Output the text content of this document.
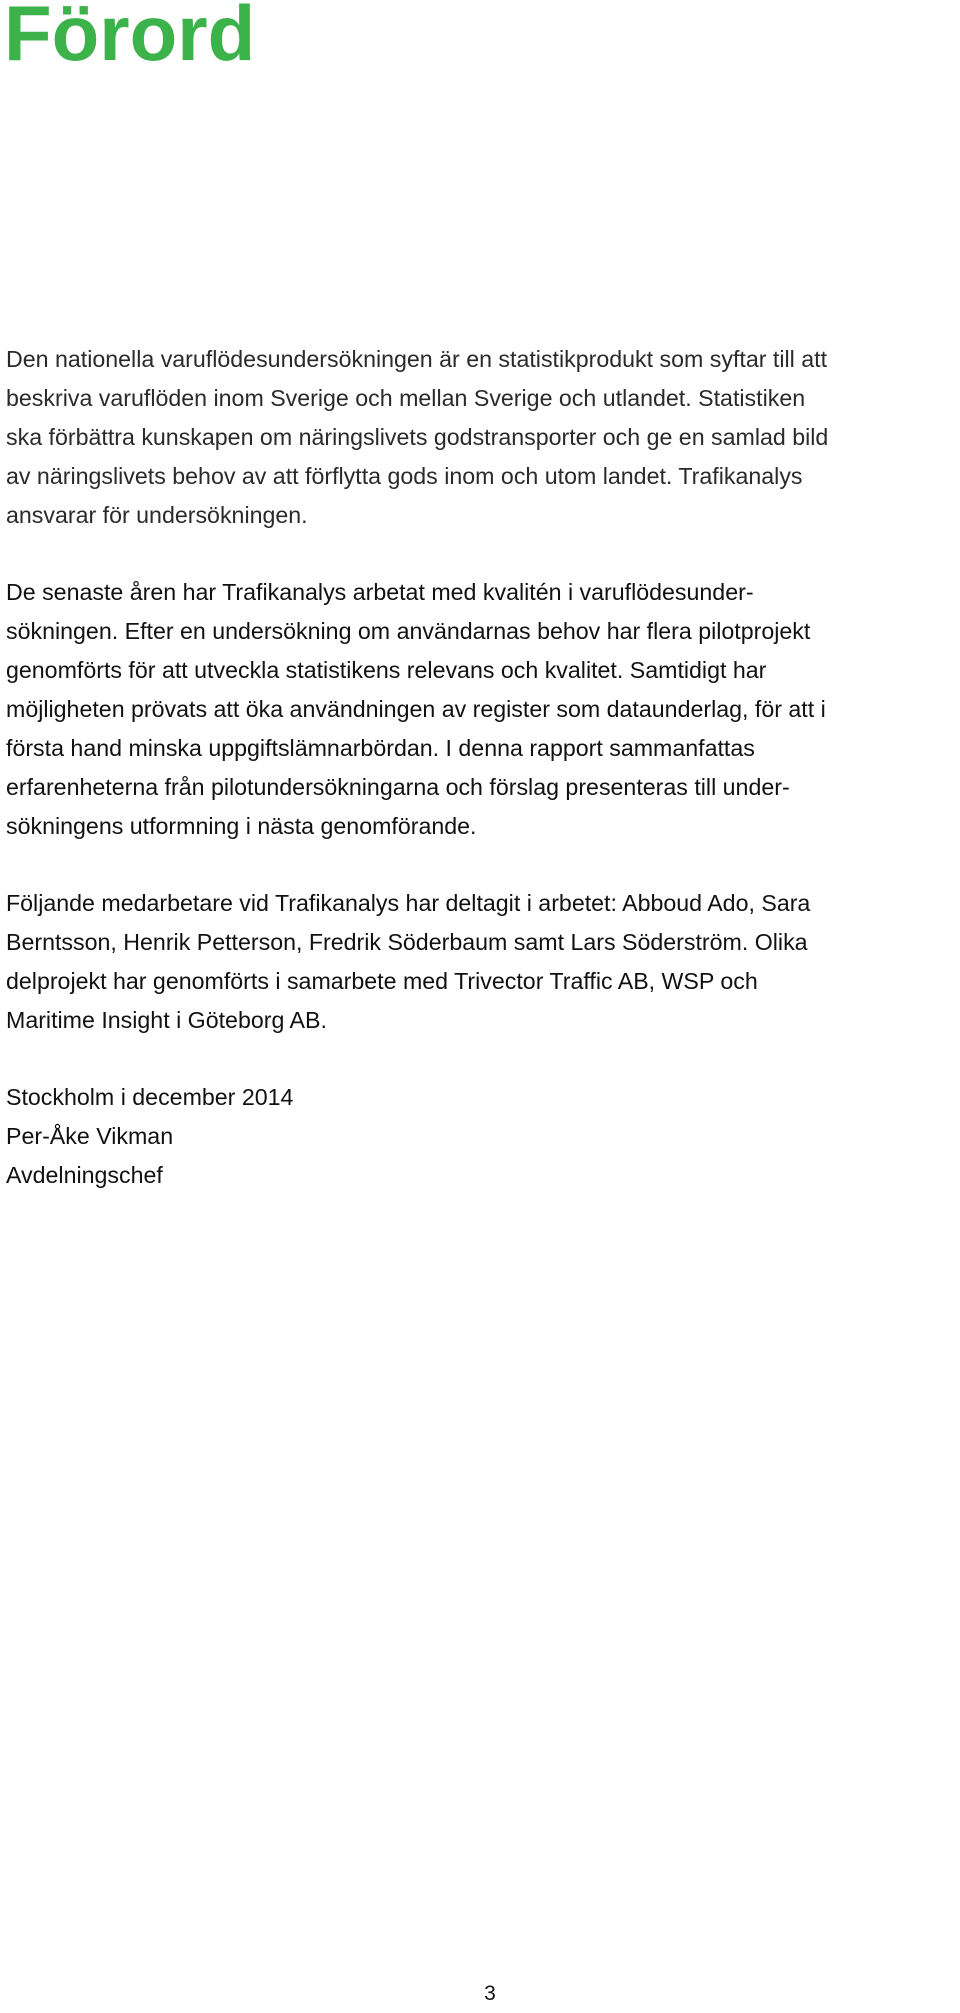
Förord

Den nationella varuflödesundersökningen är en statistikprodukt som syftar till att
beskriva varuflöden inom Sverige och mellan Sverige och utlandet. Statistiken
ska förbättra kunskapen om näringslivets godstransporter och ge en samlad bild
av näringslivets behov av att förflytta gods inom och utom landet. Trafikanalys
ansvarar för undersökningen.

De senaste åren har Trafikanalys arbetat med kvalitén i varuflödesunder-
sökningen. Efter en undersökning om användarnas behov har flera pilotprojekt
genomförts för att utveckla statistikens relevans och kvalitet. Samtidigt har
möjligheten prövats att öka användningen av register som dataunderlag, för att i
första hand minska uppgiftslämnarbördan. I denna rapport sammanfattas
erfarenheterna från pilotundersökningarna och förslag presenteras till under-
sökningens utformning i nästa genomförande.

Följande medarbetare vid Trafikanalys har deltagit i arbetet: Abboud Ado, Sara
Berntsson, Henrik Petterson, Fredrik Söderbaum samt Lars Söderström. Olika
delprojekt har genomförts i samarbete med Trivector Traffic AB, WSP och
Maritime Insight i Göteborg AB.

Stockholm i december 2014
Per-Åke Vikman
Avdelningschef

3
